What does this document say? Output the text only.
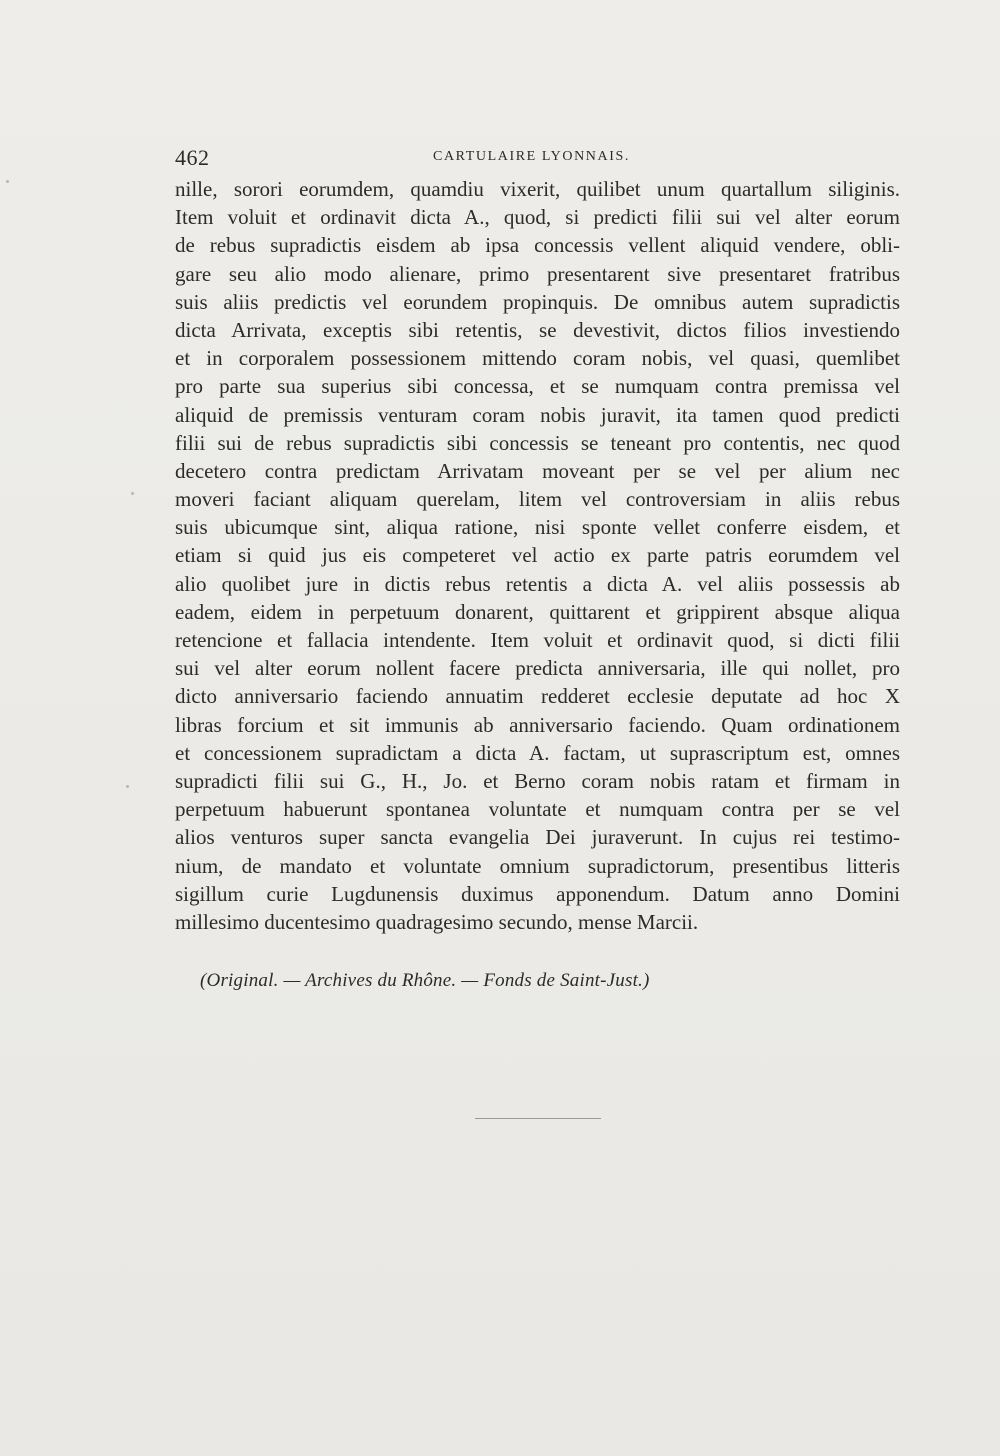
462	CARTULAIRE LYONNAIS.
nille, sorori eorumdem, quamdiu vixerit, quilibet unum quartallum siliginis.
Item voluit et ordinavit dicta A., quod, si predicti filii sui vel alter eorum
de rebus supradictis eisdem ab ipsa concessis vellent aliquid vendere, obli-
gare seu alio modo alienare, primo presentarent sive presentaret fratribus
suis aliis predictis vel eorundem propinquis. De omnibus autem supradictis
dicta Arrivata, exceptis sibi retentis, se devestivit, dictos filios investiendo
et in corporalem possessionem mittendo coram nobis, vel quasi, quemlibet
pro parte sua superius sibi concessa, et se numquam contra premissa vel
aliquid de premissis venturam coram nobis juravit, ita tamen quod predicti
filii sui de rebus supradictis sibi concessis se teneant pro contentis, nec quod
decetero contra predictam Arrivatam moveant per se vel per alium nec
moveri faciant aliquam querelam, litem vel controversiam in aliis rebus
suis ubicumque sint, aliqua ratione, nisi sponte vellet conferre eisdem, et
etiam si quid jus eis competeret vel actio ex parte patris eorumdem vel
alio quolibet jure in dictis rebus retentis a dicta A. vel aliis possessis ab
eadem, eidem in perpetuum donarent, quittarent et grippirent absque aliqua
retencione et fallacia intendente. Item voluit et ordinavit quod, si dicti filii
sui vel alter eorum nollent facere predicta anniversaria, ille qui nollet, pro
dicto anniversario faciendo annuatim redderet ecclesie deputate ad hoc X
libras forcium et sit immunis ab anniversario faciendo. Quam ordinationem
et concessionem supradictam a dicta A. factam, ut suprascriptum est, omnes
supradicti filii sui G., H., Jo. et Berno coram nobis ratam et firmam in
perpetuum habuerunt spontanea voluntate et numquam contra per se vel
alios venturos super sancta evangelia Dei juraverunt. In cujus rei testimo-
nium, de mandato et voluntate omnium supradictorum, presentibus litteris
sigillum curie Lugdunensis duximus apponendum. Datum anno Domini
millesimo ducentesimo quadragesimo secundo, mense Marcii.
(Original. — Archives du Rhône. — Fonds de Saint-Just.)
